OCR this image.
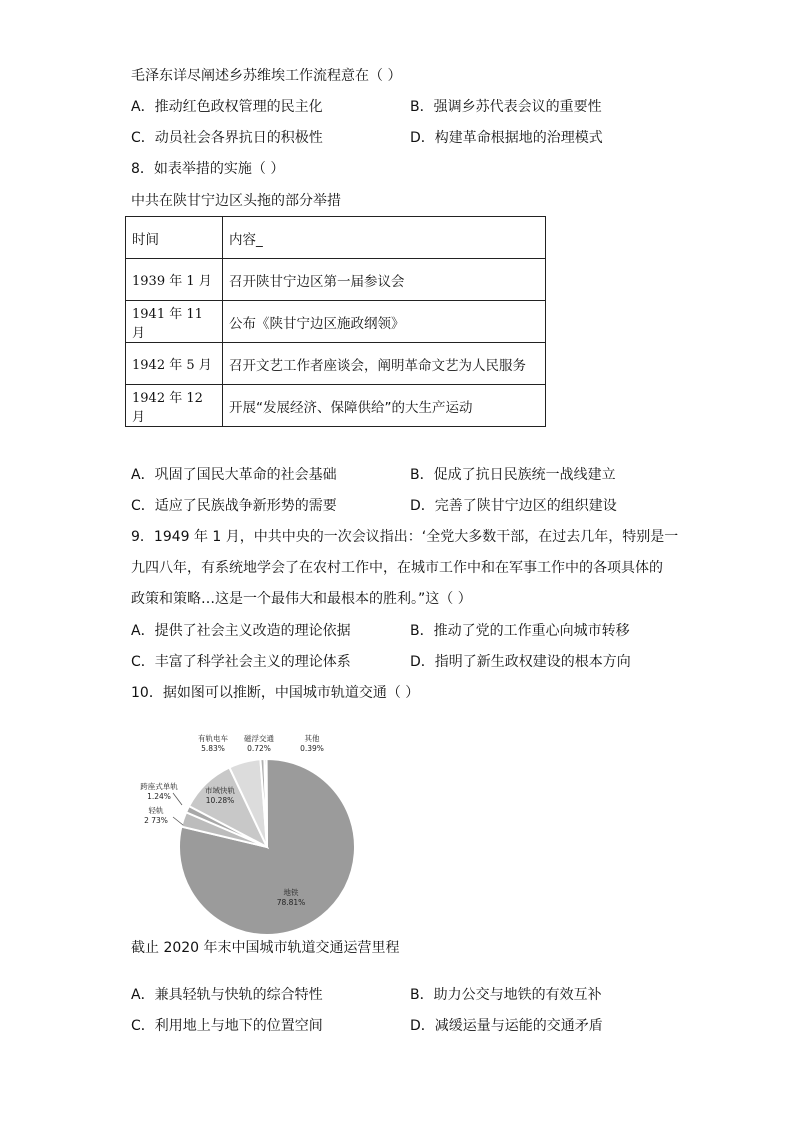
毛泽东详尽阐述乡苏维埃工作流程意在（ ）
A．推动红色政权管理的民主化	B．强调乡苏代表会议的重要性
C．动员社会各界抗日的积极性	D．构建革命根据地的治理模式
8．如表举措的实施（ ）
中共在陕甘宁边区头拖的部分举措
时间	内容_
1939 年 1 月	召开陕甘宁边区第一届参议会
1941 年 11 月	公布《陕甘宁边区施政纲领》
1942 年 5 月	召开文艺工作者座谈会，阐明革命文艺为人民服务
1942 年 12 月	开展“发展经济、保障供给”的大生产运动
A．巩固了国民大革命的社会基础	B．促成了抗日民族统一战线建立
C．适应了民族战争新形势的需要	D．完善了陕甘宁边区的组织建设
9．1949 年 1 月，中共中央的一次会议指出：‘全党大多数干部，在过去几年，特别是一
九四八年，有系统地学会了在农村工作中，在城市工作中和在军事工作中的各项具体的
政策和策略…这是一个最伟大和最根本的胜利。”这（ ）
A．提供了社会主义改造的理论依据	B．推动了党的工作重心向城市转移
C．丰富了科学社会主义的理论体系	D．指明了新生政权建设的根本方向
10．据如图可以推断，中国城市轨道交通（ ）
地铁
78.81%
轻轨
2 73%
跨座式单轨
1.24%
市域快轨
10.28%
有轨电车
5.83%
磁浮交通
0.72%
其他
0.39%
截止 2020 年末中国城市轨道交通运营里程
A．兼具轻轨与快轨的综合特性	B．助力公交与地铁的有效互补
C．利用地上与地下的位置空间	D．减缓运量与运能的交通矛盾
